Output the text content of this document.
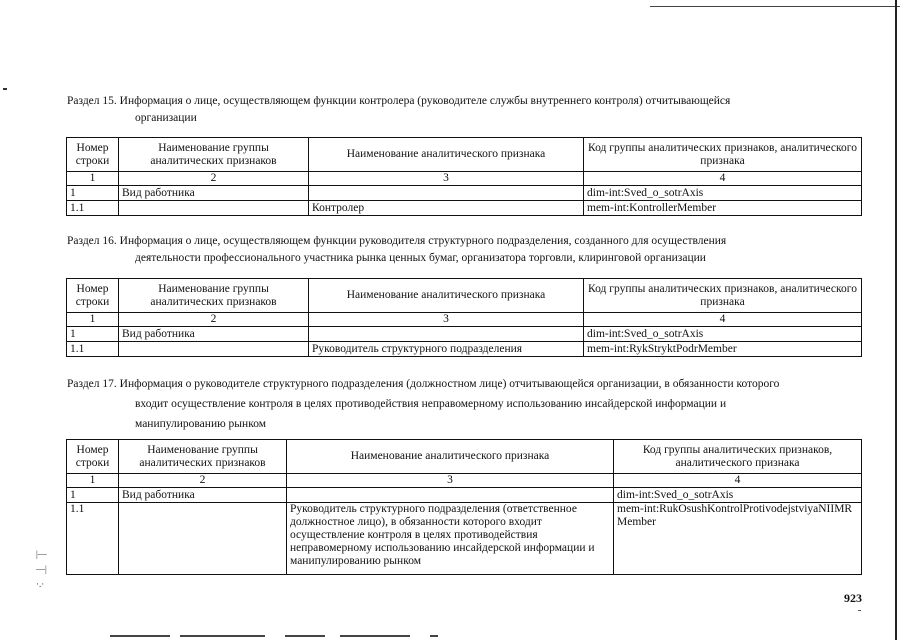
|—
—|
·.·
Раздел 15. Информация о лице, осуществляющем функции контролера (руководителе службы внутреннего контроля) отчитывающейся
организации
Номер строки	Наименование группы аналитических признаков	Наименование аналитического признака	Код группы аналитических признаков, аналитического признака
1	2	3	4
1	Вид работника		dim-int:Sved_o_sotrAxis
1.1		Контролер	mem-int:KontrollerMember
Раздел 16. Информация о лице, осуществляющем функции руководителя структурного подразделения, созданного для осуществления
деятельности профессионального участника рынка ценных бумаг, организатора торговли, клиринговой организации
Номер строки	Наименование группы аналитических признаков	Наименование аналитического признака	Код группы аналитических признаков, аналитического признака
1	2	3	4
1	Вид работника		dim-int:Sved_o_sotrAxis
1.1		Руководитель структурного подразделения	mem-int:RykStryktPodrMember
Раздел 17. Информация о руководителе структурного подразделения (должностном лице) отчитывающейся организации, в обязанности которого
входит осуществление контроля в целях противодействия неправомерному использованию инсайдерской информации и
манипулированию рынком
Номер строки	Наименование группы аналитических признаков	Наименование аналитического признака	Код группы аналитических признаков, аналитического признака
1	2	3	4
1	Вид работника		dim-int:Sved_o_sotrAxis
1.1		Руководитель структурного подразделения (ответственное должностное лицо), в обязанности которого входит осуществление контроля в целях противодействия неправомерному использованию инсайдерской информации и манипулированию рынком	mem-int:RukOsushKontrolProtivodejstviyaNIIMRMember
923
